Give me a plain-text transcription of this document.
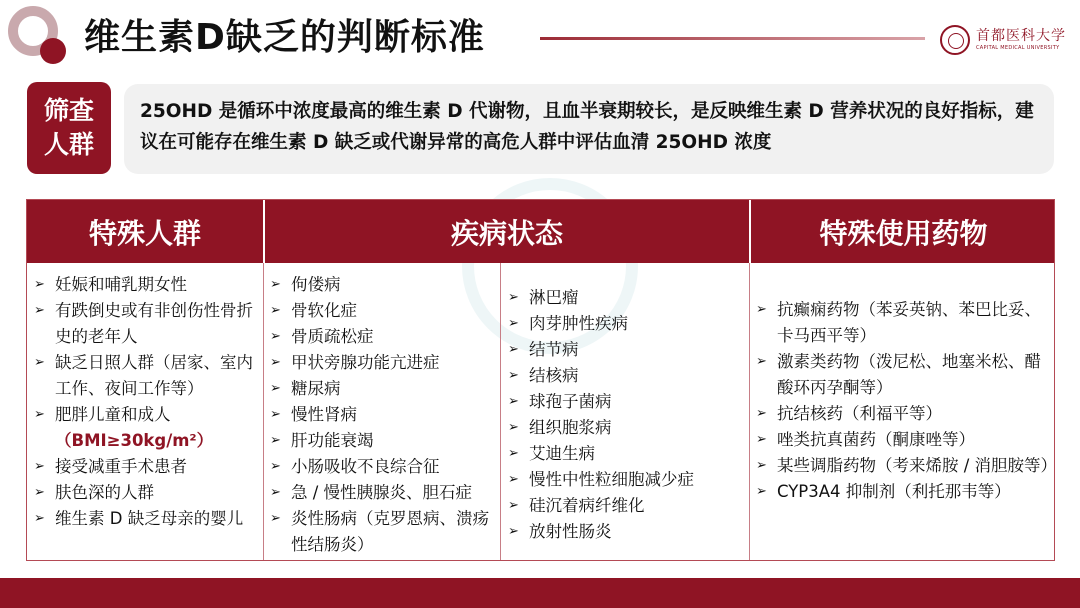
维生素D缺乏的判断标准	首都医科大学
CAPITAL MEDICAL UNIVERSITY
筛查
人群
25OHD 是循环中浓度最高的维生素 D 代谢物，且血半衰期较长，是反映维生素 D 营养状况的良好指标，建议在可能存在维生素 D 缺乏或代谢异常的高危人群中评估血清 25OHD 浓度
特殊人群	疾病状态	特殊使用药物
➢ 妊娠和哺乳期女性
➢ 有跌倒史或有非创伤性骨折史的老年人
➢ 缺乏日照人群（居家、室内工作、夜间工作等）
➢ 肥胖儿童和成人
（BMI≥30kg/m²）
➢ 接受减重手术患者
➢ 肤色深的人群
➢ 维生素 D 缺乏母亲的婴儿
➢ 佝偻病
➢ 骨软化症
➢ 骨质疏松症
➢ 甲状旁腺功能亢进症
➢ 糖尿病
➢ 慢性肾病
➢ 肝功能衰竭
➢ 小肠吸收不良综合征
➢ 急 / 慢性胰腺炎、胆石症
➢ 炎性肠病（克罗恩病、溃疡性结肠炎）
➢ 淋巴瘤
➢ 肉芽肿性疾病
➢ 结节病
➢ 结核病
➢ 球孢子菌病
➢ 组织胞浆病
➢ 艾迪生病
➢ 慢性中性粒细胞减少症
➢ 硅沉着病纤维化
➢ 放射性肠炎
➢ 抗癫痫药物（苯妥英钠、苯巴比妥、卡马西平等）
➢ 激素类药物（泼尼松、地塞米松、醋酸环丙孕酮等）
➢ 抗结核药（利福平等）
➢ 唑类抗真菌药（酮康唑等）
➢ 某些调脂药物（考来烯胺 / 消胆胺等）
➢ CYP3A4 抑制剂（利托那韦等）
